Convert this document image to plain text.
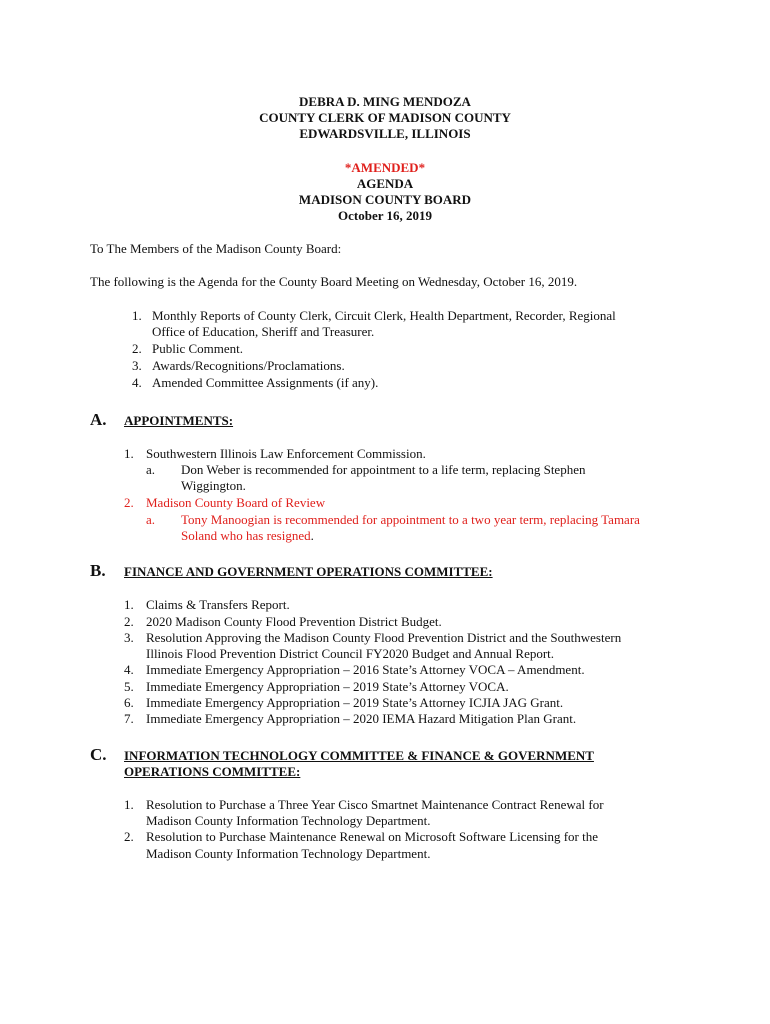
DEBRA D. MING MENDOZA
COUNTY CLERK OF MADISON COUNTY
EDWARDSVILLE, ILLINOIS
*AMENDED*
AGENDA
MADISON COUNTY BOARD
October 16, 2019
To The Members of the Madison County Board:
The following is the Agenda for the County Board Meeting on Wednesday, October 16, 2019.
1. Monthly Reports of County Clerk, Circuit Clerk, Health Department, Recorder, Regional
Office of Education, Sheriff and Treasurer.
2. Public Comment.
3. Awards/Recognitions/Proclamations.
4. Amended Committee Assignments (if any).
A. APPOINTMENTS:
1. Southwestern Illinois Law Enforcement Commission.
a. Don Weber is recommended for appointment to a life term, replacing Stephen
Wiggington.
2. Madison County Board of Review
a. Tony Manoogian is recommended for appointment to a two year term, replacing Tamara
Soland who has resigned.
B. FINANCE AND GOVERNMENT OPERATIONS COMMITTEE:
1. Claims & Transfers Report.
2. 2020 Madison County Flood Prevention District Budget.
3. Resolution Approving the Madison County Flood Prevention District and the Southwestern
Illinois Flood Prevention District Council FY2020 Budget and Annual Report.
4. Immediate Emergency Appropriation – 2016 State’s Attorney VOCA – Amendment.
5. Immediate Emergency Appropriation – 2019 State’s Attorney VOCA.
6. Immediate Emergency Appropriation – 2019 State’s Attorney ICJIA JAG Grant.
7. Immediate Emergency Appropriation – 2020 IEMA Hazard Mitigation Plan Grant.
C. INFORMATION TECHNOLOGY COMMITTEE & FINANCE & GOVERNMENT
OPERATIONS COMMITTEE:
1. Resolution to Purchase a Three Year Cisco Smartnet Maintenance Contract Renewal for
Madison County Information Technology Department.
2. Resolution to Purchase Maintenance Renewal on Microsoft Software Licensing for the
Madison County Information Technology Department.
